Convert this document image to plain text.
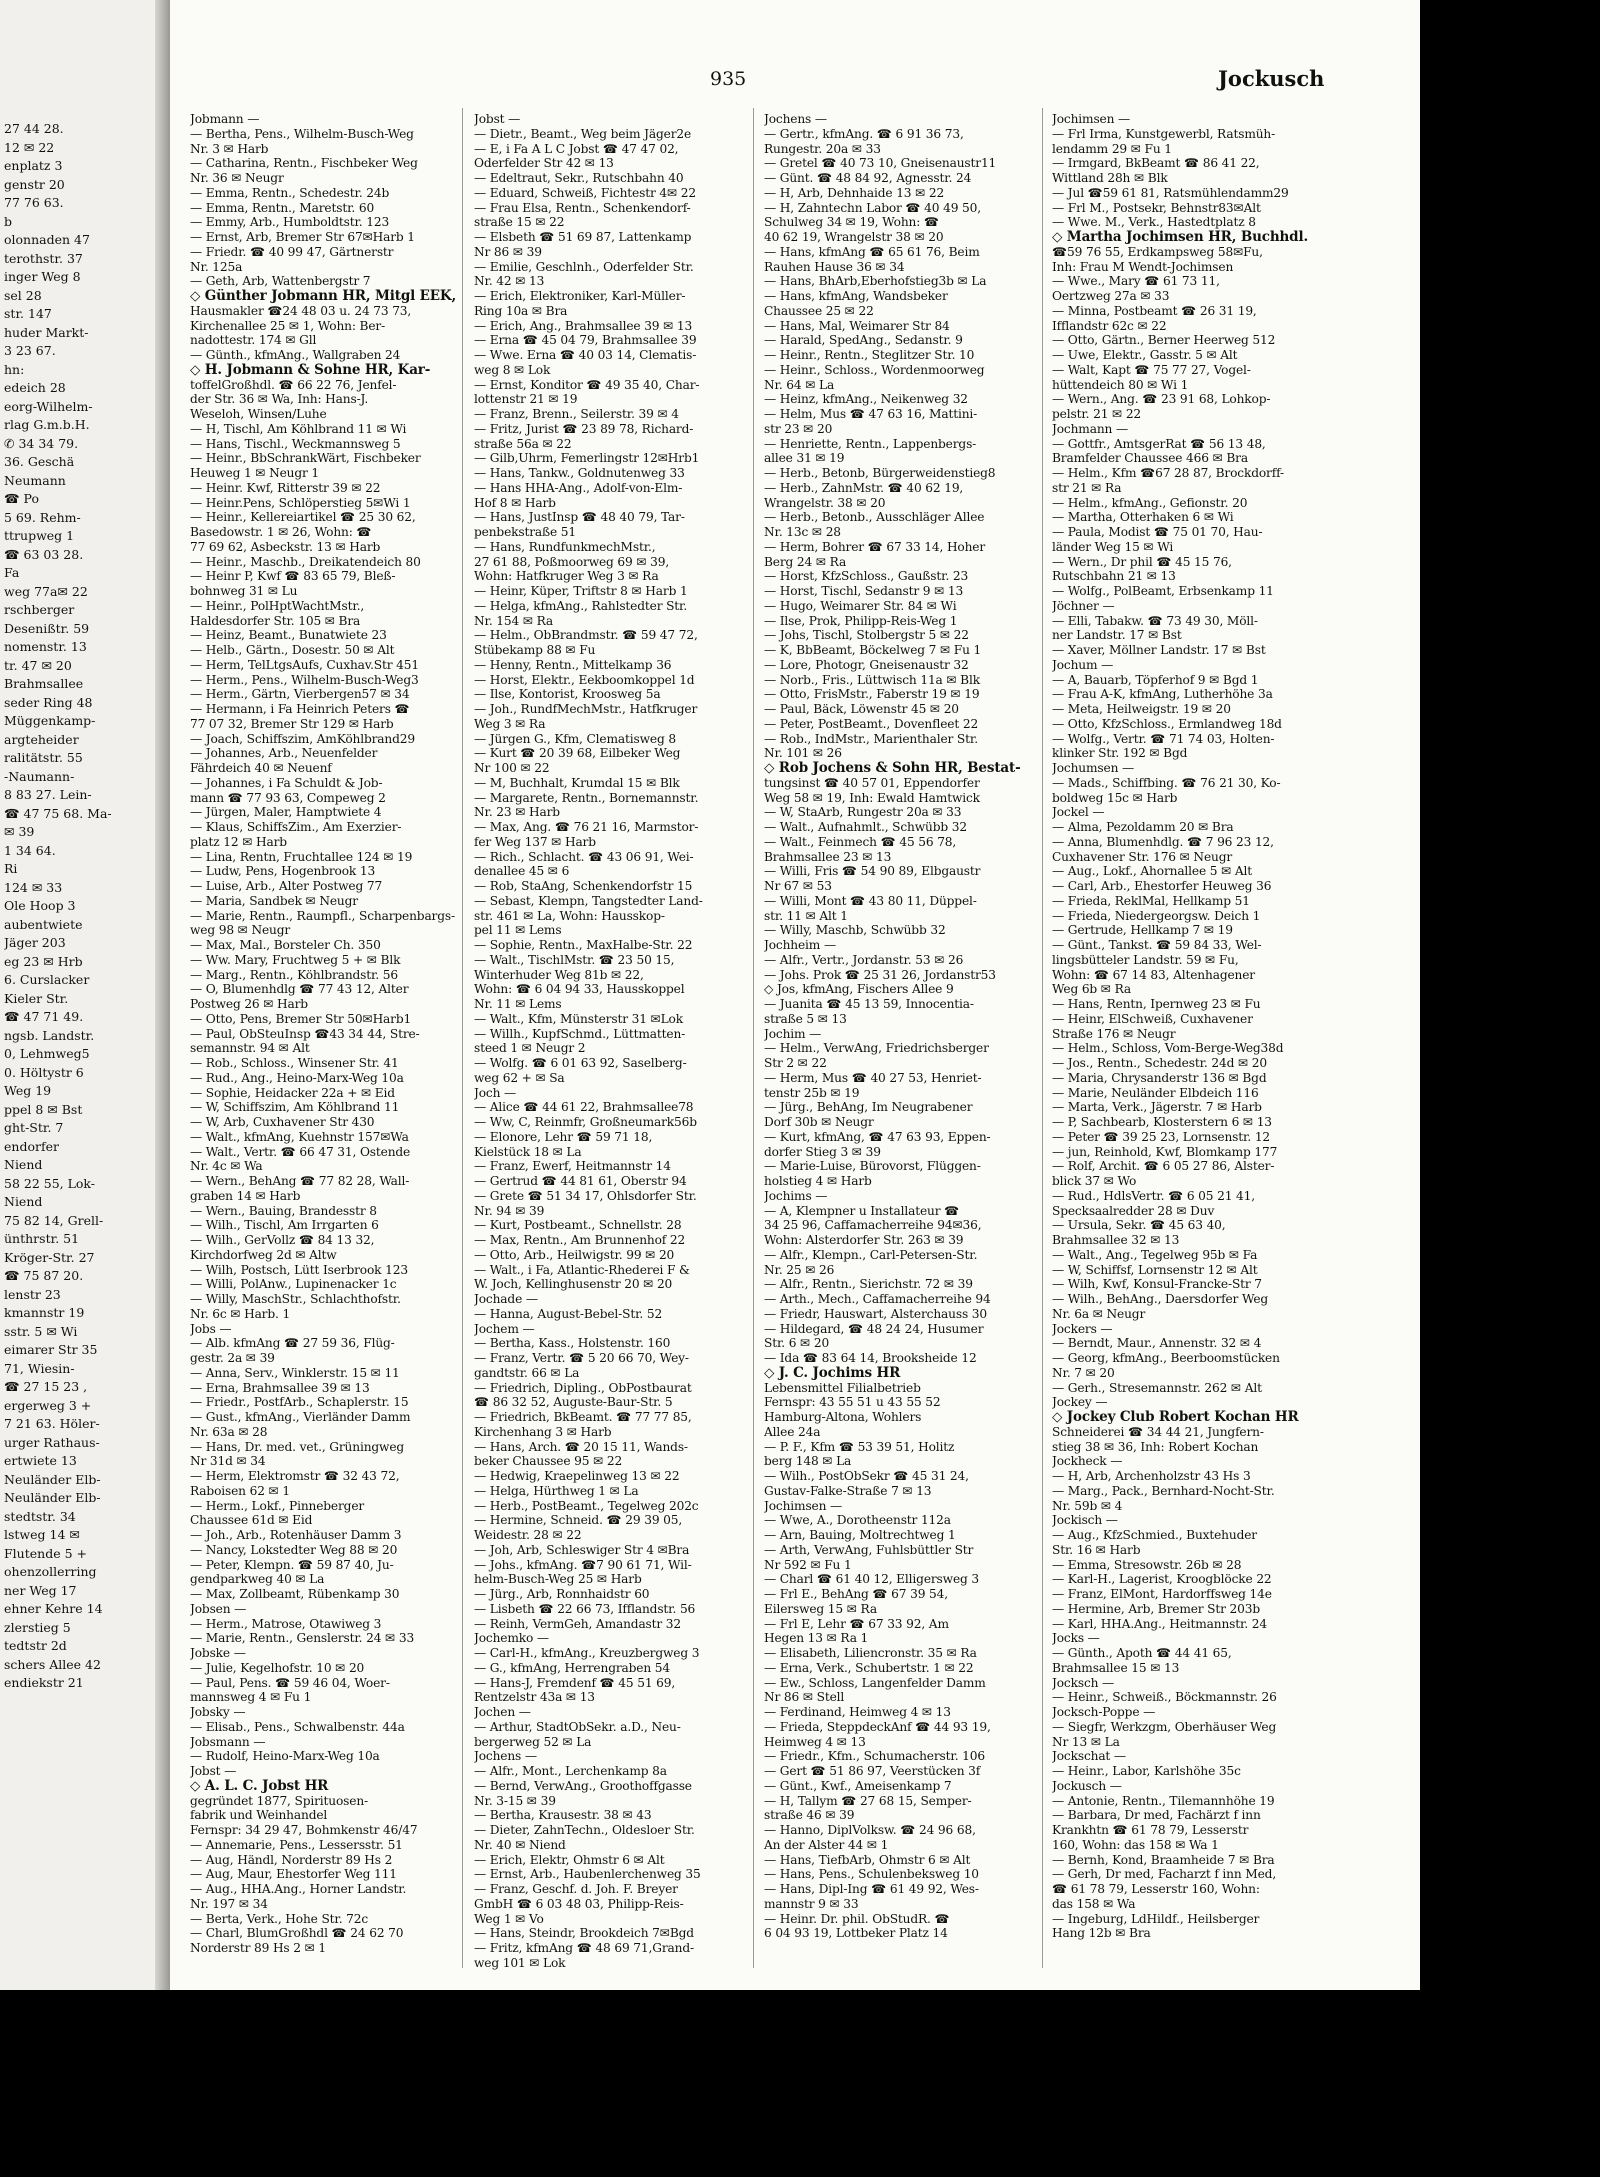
27 44 28.
12 ✉ 22
enplatz 3
genstr 20
77 76 63.
b
olonnaden 47
terothstr. 37
inger Weg 8
sel 28
str. 147
huder Markt-
3 23 67.
hn:
edeich 28
eorg-Wilhelm-
rlag G.m.b.H.
✆ 34 34 79.
36. Geschä
Neumann
☎ Po
5 69. Rehm-
ttrupweg 1
☎ 63 03 28.
Fa
weg 77a✉ 22
rschberger
Desenißtr. 59
nomenstr. 13
tr. 47 ✉ 20
Brahmsallee
seder Ring 48
Müggenkamp-
argteheider
ralitätstr. 55
-Naumann-
8 83 27. Lein-
☎ 47 75 68. Ma-
✉ 39
1 34 64.
Ri
124 ✉ 33
Ole Hoop 3
aubentwiete
Jäger 203
eg 23 ✉ Hrb
6. Curslacker
Kieler Str.
☎ 47 71 49.
ngsb. Landstr.
0, Lehmweg5
0. Höltystr 6
Weg 19
ppel 8 ✉ Bst
ght-Str. 7
endorfer
Niend
58 22 55, Lok-
Niend
75 82 14, Grell-
ünthrstr. 51
Kröger-Str. 27
☎ 75 87 20.
lenstr 23
kmannstr 19
sstr. 5 ✉ Wi
eimarer Str 35
71, Wiesin-
☎ 27 15 23 ,
ergerweg 3 +
7 21 63. Höler-
urger Rathaus-
ertwiete 13
Neuländer Elb-
Neuländer Elb-
stedtstr. 34
lstweg 14 ✉
Flutende 5 +
ohenzollerring
ner Weg 17
ehner Kehre 14
zlerstieg 5
tedtstr 2d
schers Allee 42
endiekstr 21
935	Jockusch
Jobmann —
— Bertha, Pens., Wilhelm-Busch-Weg
Nr. 3 ✉ Harb
— Catharina, Rentn., Fischbeker Weg
Nr. 36 ✉ Neugr
— Emma, Rentn., Schedestr. 24b
— Emma, Rentn., Maretstr. 60
— Emmy, Arb., Humboldtstr. 123
— Ernst, Arb, Bremer Str 67✉Harb 1
— Friedr. ☎ 40 99 47, Gärtnerstr
Nr. 125a
— Geth, Arb, Wattenbergstr 7
◇ Günther Jobmann HR, Mitgl EEK,
Hausmakler ☎24 48 03 u. 24 73 73,
Kirchenallee 25 ✉ 1, Wohn: Ber-
nadottestr. 174 ✉ Gll
— Günth., kfmAng., Wallgraben 24
◇ H. Jobmann & Sohne HR, Kar-
toffelGroßhdl. ☎ 66 22 76, Jenfel-
der Str. 36 ✉ Wa, Inh: Hans-J.
Weseloh, Winsen/Luhe
— H, Tischl, Am Köhlbrand 11 ✉ Wi
— Hans, Tischl., Weckmannsweg 5
— Heinr., BbSchrankWärt, Fischbeker
Heuweg 1 ✉ Neugr 1
— Heinr. Kwf, Ritterstr 39 ✉ 22
— Heinr.Pens, Schlöperstieg 5✉Wi 1
— Heinr., Kellereiartikel ☎ 25 30 62,
Basedowstr. 1 ✉ 26, Wohn: ☎
77 69 62, Asbeckstr. 13 ✉ Harb
— Heinr., Maschb., Dreikatendeich 80
— Heinr P, Kwf ☎ 83 65 79, Bleß-
bohnweg 31 ✉ Lu
— Heinr., PolHptWachtMstr.,
Haldesdorfer Str. 105 ✉ Bra
— Heinz, Beamt., Bunatwiete 23
— Helb., Gärtn., Dosestr. 50 ✉ Alt
— Herm, TelLtgsAufs, Cuxhav.Str 451
— Herm., Pens., Wilhelm-Busch-Weg3
— Herm., Gärtn, Vierbergen57 ✉ 34
— Hermann, i Fa Heinrich Peters ☎
77 07 32, Bremer Str 129 ✉ Harb
— Joach, Schiffszim, AmKöhlbrand29
— Johannes, Arb., Neuenfelder
Fährdeich 40 ✉ Neuenf
— Johannes, i Fa Schuldt & Job-
mann ☎ 77 93 63, Compeweg 2
— Jürgen, Maler, Hamptwiete 4
— Klaus, SchiffsZim., Am Exerzier-
platz 12 ✉ Harb
— Lina, Rentn, Fruchtallee 124 ✉ 19
— Ludw, Pens, Hogenbrook 13
— Luise, Arb., Alter Postweg 77
— Maria, Sandbek ✉ Neugr
— Marie, Rentn., Raumpfl., Scharpenbargs-
weg 98 ✉ Neugr
— Max, Mal., Borsteler Ch. 350
— Ww. Mary, Fruchtweg 5 + ✉ Blk
— Marg., Rentn., Köhlbrandstr. 56
— O, Blumenhdlg ☎ 77 43 12, Alter
Postweg 26 ✉ Harb
— Otto, Pens, Bremer Str 50✉Harb1
— Paul, ObSteuInsp ☎43 34 44, Stre-
semannstr. 94 ✉ Alt
— Rob., Schloss., Winsener Str. 41
— Rud., Ang., Heino-Marx-Weg 10a
— Sophie, Heidacker 22a + ✉ Eid
— W, Schiffszim, Am Köhlbrand 11
— W, Arb, Cuxhavener Str 430
— Walt., kfmAng, Kuehnstr 157✉Wa
— Walt., Vertr. ☎ 66 47 31, Ostende
Nr. 4c ✉ Wa
— Wern., BehAng ☎ 77 82 28, Wall-
graben 14 ✉ Harb
— Wern., Bauing, Brandesstr 8
— Wilh., Tischl, Am Irrgarten 6
— Wilh., GerVollz ☎ 84 13 32,
Kirchdorfweg 2d ✉ Altw
— Wilh, Postsch, Lütt Iserbrook 123
— Willi, PolAnw., Lupinenacker 1c
— Willy, MaschStr., Schlachthofstr.
Nr. 6c ✉ Harb. 1
Jobs —
— Alb. kfmAng ☎ 27 59 36, Flüg-
gestr. 2a ✉ 39
— Anna, Serv., Winklerstr. 15 ✉ 11
— Erna, Brahmsallee 39 ✉ 13
— Friedr., PostfArb., Schaplerstr. 15
— Gust., kfmAng., Vierländer Damm
Nr. 63a ✉ 28
— Hans, Dr. med. vet., Grüningweg
Nr 31d ✉ 34
— Herm, Elektromstr ☎ 32 43 72,
Raboisen 62 ✉ 1
— Herm., Lokf., Pinneberger
Chaussee 61d ✉ Eid
— Joh., Arb., Rotenhäuser Damm 3
— Nancy, Lokstedter Weg 88 ✉ 20
— Peter, Klempn. ☎ 59 87 40, Ju-
gendparkweg 40 ✉ La
— Max, Zollbeamt, Rübenkamp 30
Jobsen —
— Herm., Matrose, Otawiweg 3
— Marie, Rentn., Genslerstr. 24 ✉ 33
Jobske —
— Julie, Kegelhofstr. 10 ✉ 20
— Paul, Pens. ☎ 59 46 04, Woer-
mannsweg 4 ✉ Fu 1
Jobsky —
— Elisab., Pens., Schwalbenstr. 44a
Jobsmann —
— Rudolf, Heino-Marx-Weg 10a
Jobst —
◇ A. L. C. Jobst HR
gegründet 1877, Spirituosen-
fabrik und Weinhandel
Fernspr: 34 29 47, Bohmkenstr 46/47
— Annemarie, Pens., Lessersstr. 51
— Aug, Händl, Norderstr 89 Hs 2
— Aug, Maur, Ehestorfer Weg 111
— Aug., HHA.Ang., Horner Landstr.
Nr. 197 ✉ 34
— Berta, Verk., Hohe Str. 72c
— Charl, BlumGroßhdl ☎ 24 62 70
Norderstr 89 Hs 2 ✉ 1
Jobst —
— Dietr., Beamt., Weg beim Jäger2e
— E, i Fa A L C Jobst ☎ 47 47 02,
Oderfelder Str 42 ✉ 13
— Edeltraut, Sekr., Rutschbahn 40
— Eduard, Schweiß, Fichtestr 4✉ 22
— Frau Elsa, Rentn., Schenkendorf-
straße 15 ✉ 22
— Elsbeth ☎ 51 69 87, Lattenkamp
Nr 86 ✉ 39
— Emilie, Geschlnh., Oderfelder Str.
Nr. 42 ✉ 13
— Erich, Elektroniker, Karl-Müller-
Ring 10a ✉ Bra
— Erich, Ang., Brahmsallee 39 ✉ 13
— Erna ☎ 45 04 79, Brahmsallee 39
— Wwe. Erna ☎ 40 03 14, Clematis-
weg 8 ✉ Lok
— Ernst, Konditor ☎ 49 35 40, Char-
lottenstr 21 ✉ 19
— Franz, Brenn., Seilerstr. 39 ✉ 4
— Fritz, Jurist ☎ 23 89 78, Richard-
straße 56a ✉ 22
— Gilb,Uhrm, Femerlingstr 12✉Hrb1
— Hans, Tankw., Goldnutenweg 33
— Hans HHA-Ang., Adolf-von-Elm-
Hof 8 ✉ Harb
— Hans, JustInsp ☎ 48 40 79, Tar-
penbekstraße 51
— Hans, RundfunkmechMstr.,
27 61 88, Poßmoorweg 69 ✉ 39,
Wohn: Hatfkruger Weg 3 ✉ Ra
— Heinr, Küper, Triftstr 8 ✉ Harb 1
— Helga, kfmAng., Rahlstedter Str.
Nr. 154 ✉ Ra
— Helm., ObBrandmstr. ☎ 59 47 72,
Stübekamp 88 ✉ Fu
— Henny, Rentn., Mittelkamp 36
— Horst, Elektr., Eekboomkoppel 1d
— Ilse, Kontorist, Kroosweg 5a
— Joh., RundfMechMstr., Hatfkruger
Weg 3 ✉ Ra
— Jürgen G., Kfm, Clematisweg 8
— Kurt ☎ 20 39 68, Eilbeker Weg
Nr 100 ✉ 22
— M, Buchhalt, Krumdal 15 ✉ Blk
— Margarete, Rentn., Bornemannstr.
Nr. 23 ✉ Harb
— Max, Ang. ☎ 76 21 16, Marmstor-
fer Weg 137 ✉ Harb
— Rich., Schlacht. ☎ 43 06 91, Wei-
denallee 45 ✉ 6
— Rob, StaAng, Schenkendorfstr 15
— Sebast, Klempn, Tangstedter Land-
str. 461 ✉ La, Wohn: Hausskop-
pel 11 ✉ Lems
— Sophie, Rentn., MaxHalbe-Str. 22
— Walt., TischlMstr. ☎ 23 50 15,
Winterhuder Weg 81b ✉ 22,
Wohn: ☎ 6 04 94 33, Hausskoppel
Nr. 11 ✉ Lems
— Walt., Kfm, Münsterstr 31 ✉Lok
— Willh., KupfSchmd., Lüttmatten-
steed 1 ✉ Neugr 2
— Wolfg. ☎ 6 01 63 92, Saselberg-
weg 62 + ✉ Sa
Joch —
— Alice ☎ 44 61 22, Brahmsallee78
— Ww, C, Reinmfr, Großneumark56b
— Elonore, Lehr ☎ 59 71 18,
Kielstück 18 ✉ La
— Franz, Ewerf, Heitmannstr 14
— Gertrud ☎ 44 81 61, Oberstr 94
— Grete ☎ 51 34 17, Ohlsdorfer Str.
Nr. 94 ✉ 39
— Kurt, Postbeamt., Schnellstr. 28
— Max, Rentn., Am Brunnenhof 22
— Otto, Arb., Heilwigstr. 99 ✉ 20
— Walt., i Fa, Atlantic-Rhederei F &
W. Joch, Kellinghusenstr 20 ✉ 20
Jochade —
— Hanna, August-Bebel-Str. 52
Jochem —
— Bertha, Kass., Holstenstr. 160
— Franz, Vertr. ☎ 5 20 66 70, Wey-
gandtstr. 66 ✉ La
— Friedrich, Dipling., ObPostbaurat
☎ 86 32 52, Auguste-Baur-Str. 5
— Friedrich, BkBeamt. ☎ 77 77 85,
Kirchenhang 3 ✉ Harb
— Hans, Arch. ☎ 20 15 11, Wands-
beker Chaussee 95 ✉ 22
— Hedwig, Kraepelinweg 13 ✉ 22
— Helga, Hürthweg 1 ✉ La
— Herb., PostBeamt., Tegelweg 202c
— Hermine, Schneid. ☎ 29 39 05,
Weidestr. 28 ✉ 22
— Joh, Arb, Schleswiger Str 4 ✉Bra
— Johs., kfmAng. ☎7 90 61 71, Wil-
helm-Busch-Weg 25 ✉ Harb
— Jürg., Arb, Ronnhaidstr 60
— Lisbeth ☎ 22 66 73, Ifflandstr. 56
— Reinh, VermGeh, Amandastr 32
Jochemko —
— Carl-H., kfmAng., Kreuzbergweg 3
— G., kfmAng, Herrengraben 54
— Hans-J, Fremdenf ☎ 45 51 69,
Rentzelstr 43a ✉ 13
Jochen —
— Arthur, StadtObSekr. a.D., Neu-
bergerweg 52 ✉ La
Jochens —
— Alfr., Mont., Lerchenkamp 8a
— Bernd, VerwAng., Groothoffgasse
Nr. 3-15 ✉ 39
— Bertha, Krausestr. 38 ✉ 43
— Dieter, ZahnTechn., Oldesloer Str.
Nr. 40 ✉ Niend
— Erich, Elektr, Ohmstr 6 ✉ Alt
— Ernst, Arb., Haubenlerchenweg 35
— Franz, Geschf. d. Joh. F. Breyer
GmbH ☎ 6 03 48 03, Philipp-Reis-
Weg 1 ✉ Vo
— Hans, Steindr, Brookdeich 7✉Bgd
— Fritz, kfmAng ☎ 48 69 71,Grand-
weg 101 ✉ Lok
Jochens —
— Gertr., kfmAng. ☎ 6 91 36 73,
Rungestr. 20a ✉ 33
— Gretel ☎ 40 73 10, Gneisenaustr11
— Günt. ☎ 48 84 92, Agnesstr. 24
— H, Arb, Dehnhaide 13 ✉ 22
— H, Zahntechn Labor ☎ 40 49 50,
Schulweg 34 ✉ 19, Wohn: ☎
40 62 19, Wrangelstr 38 ✉ 20
— Hans, kfmAng ☎ 65 61 76, Beim
Rauhen Hause 36 ✉ 34
— Hans, BhArb,Eberhofstieg3b ✉ La
— Hans, kfmAng, Wandsbeker
Chaussee 25 ✉ 22
— Hans, Mal, Weimarer Str 84
— Harald, SpedAng., Sedanstr. 9
— Heinr., Rentn., Steglitzer Str. 10
— Heinr., Schloss., Wordenmoorweg
Nr. 64 ✉ La
— Heinz, kfmAng., Neikenweg 32
— Helm, Mus ☎ 47 63 16, Mattini-
str 23 ✉ 20
— Henriette, Rentn., Lappenbergs-
allee 31 ✉ 19
— Herb., Betonb, Bürgerweidenstieg8
— Herb., ZahnMstr. ☎ 40 62 19,
Wrangelstr. 38 ✉ 20
— Herb., Betonb., Ausschläger Allee
Nr. 13c ✉ 28
— Herm, Bohrer ☎ 67 33 14, Hoher
Berg 24 ✉ Ra
— Horst, KfzSchloss., Gaußstr. 23
— Horst, Tischl, Sedanstr 9 ✉ 13
— Hugo, Weimarer Str. 84 ✉ Wi
— Ilse, Prok, Philipp-Reis-Weg 1
— Johs, Tischl, Stolbergstr 5 ✉ 22
— K, BbBeamt, Böckelweg 7 ✉ Fu 1
— Lore, Photogr, Gneisenaustr 32
— Norb., Fris., Lüttwisch 11a ✉ Blk
— Otto, FrisMstr., Faberstr 19 ✉ 19
— Paul, Bäck, Löwenstr 45 ✉ 20
— Peter, PostBeamt., Dovenfleet 22
— Rob., IndMstr., Marienthaler Str.
Nr. 101 ✉ 26
◇ Rob Jochens & Sohn HR, Bestat-
tungsinst ☎ 40 57 01, Eppendorfer
Weg 58 ✉ 19, Inh: Ewald Hamtwick
— W, StaArb, Rungestr 20a ✉ 33
— Walt., Aufnahmlt., Schwübb 32
— Walt., Feinmech ☎ 45 56 78,
Brahmsallee 23 ✉ 13
— Willi, Fris ☎ 54 90 89, Elbgaustr
Nr 67 ✉ 53
— Willi, Mont ☎ 43 80 11, Düppel-
str. 11 ✉ Alt 1
— Willy, Maschb, Schwübb 32
Jochheim —
— Alfr., Vertr., Jordanstr. 53 ✉ 26
— Johs. Prok ☎ 25 31 26, Jordanstr53
◇ Jos, kfmAng, Fischers Allee 9
— Juanita ☎ 45 13 59, Innocentia-
straße 5 ✉ 13
Jochim —
— Helm., VerwAng, Friedrichsberger
Str 2 ✉ 22
— Herm, Mus ☎ 40 27 53, Henriet-
tenstr 25b ✉ 19
— Jürg., BehAng, Im Neugrabener
Dorf 30b ✉ Neugr
— Kurt, kfmAng, ☎ 47 63 93, Eppen-
dorfer Stieg 3 ✉ 39
— Marie-Luise, Bürovorst, Flüggen-
holstieg 4 ✉ Harb
Jochims —
— A, Klempner u Installateur ☎
34 25 96, Caffamacherreihe 94✉36,
Wohn: Alsterdorfer Str. 263 ✉ 39
— Alfr., Klempn., Carl-Petersen-Str.
Nr. 25 ✉ 26
— Alfr., Rentn., Sierichstr. 72 ✉ 39
— Arth., Mech., Caffamacherreihe 94
— Friedr, Hauswart, Alsterchauss 30
— Hildegard, ☎ 48 24 24, Husumer
Str. 6 ✉ 20
— Ida ☎ 83 64 14, Brooksheide 12
◇ J. C. Jochims HR
Lebensmittel Filialbetrieb
Fernspr: 43 55 51 u 43 55 52
Hamburg-Altona, Wohlers
Allee 24a
— P. F., Kfm ☎ 53 39 51, Holitz
berg 148 ✉ La
— Wilh., PostObSekr ☎ 45 31 24,
Gustav-Falke-Straße 7 ✉ 13
Jochimsen —
— Wwe, A., Dorotheenstr 112a
— Arn, Bauing, Moltrechtweg 1
— Arth, VerwAng, Fuhlsbüttler Str
Nr 592 ✉ Fu 1
— Charl ☎ 61 40 12, Elligersweg 3
— Frl E., BehAng ☎ 67 39 54,
Eilersweg 15 ✉ Ra
— Frl E, Lehr ☎ 67 33 92, Am
Hegen 13 ✉ Ra 1
— Elisabeth, Liliencronstr. 35 ✉ Ra
— Erna, Verk., Schubertstr. 1 ✉ 22
— Ew., Schloss, Langenfelder Damm
Nr 86 ✉ Stell
— Ferdinand, Heimweg 4 ✉ 13
— Frieda, SteppdeckAnf ☎ 44 93 19,
Heimweg 4 ✉ 13
— Friedr., Kfm., Schumacherstr. 106
— Gert ☎ 51 86 97, Veerstücken 3f
— Günt., Kwf., Ameisenkamp 7
— H, Tallym ☎ 27 68 15, Semper-
straße 46 ✉ 39
— Hanno, DiplVolksw. ☎ 24 96 68,
An der Alster 44 ✉ 1
— Hans, TiefbArb, Ohmstr 6 ✉ Alt
— Hans, Pens., Schulenbeksweg 10
— Hans, Dipl-Ing ☎ 61 49 92, Wes-
mannstr 9 ✉ 33
— Heinr. Dr. phil. ObStudR. ☎
6 04 93 19, Lottbeker Platz 14
Jochimsen —
— Frl Irma, Kunstgewerbl, Ratsmüh-
lendamm 29 ✉ Fu 1
— Irmgard, BkBeamt ☎ 86 41 22,
Wittland 28h ✉ Blk
— Jul ☎59 61 81, Ratsmühlendamm29
— Frl M., Postsekr, Behnstr83✉Alt
— Wwe. M., Verk., Hastedtplatz 8
◇ Martha Jochimsen HR, Buchhdl.
☎59 76 55, Erdkampsweg 58✉Fu,
Inh: Frau M Wendt-Jochimsen
— Wwe., Mary ☎ 61 73 11,
Oertzweg 27a ✉ 33
— Minna, Postbeamt ☎ 26 31 19,
Ifflandstr 62c ✉ 22
— Otto, Gärtn., Berner Heerweg 512
— Uwe, Elektr., Gasstr. 5 ✉ Alt
— Walt, Kapt ☎ 75 77 27, Vogel-
hüttendeich 80 ✉ Wi 1
— Wern., Ang. ☎ 23 91 68, Lohkop-
pelstr. 21 ✉ 22
Jochmann —
— Gottfr., AmtsgerRat ☎ 56 13 48,
Bramfelder Chaussee 466 ✉ Bra
— Helm., Kfm ☎67 28 87, Brockdorff-
str 21 ✉ Ra
— Helm., kfmAng., Gefionstr. 20
— Martha, Otterhaken 6 ✉ Wi
— Paula, Modist ☎ 75 01 70, Hau-
länder Weg 15 ✉ Wi
— Wern., Dr phil ☎ 45 15 76,
Rutschbahn 21 ✉ 13
— Wolfg., PolBeamt, Erbsenkamp 11
Jöchner —
— Elli, Tabakw. ☎ 73 49 30, Möll-
ner Landstr. 17 ✉ Bst
— Xaver, Möllner Landstr. 17 ✉ Bst
Jochum —
— A, Bauarb, Töpferhof 9 ✉ Bgd 1
— Frau A-K, kfmAng, Lutherhöhe 3a
— Meta, Heilweigstr. 19 ✉ 20
— Otto, KfzSchloss., Ermlandweg 18d
— Wolfg., Vertr. ☎ 71 74 03, Holten-
klinker Str. 192 ✉ Bgd
Jochumsen —
— Mads., Schiffbing. ☎ 76 21 30, Ko-
boldweg 15c ✉ Harb
Jockel —
— Alma, Pezoldamm 20 ✉ Bra
— Anna, Blumenhdlg. ☎ 7 96 23 12,
Cuxhavener Str. 176 ✉ Neugr
— Aug., Lokf., Ahornallee 5 ✉ Alt
— Carl, Arb., Ehestorfer Heuweg 36
— Frieda, ReklMal, Hellkamp 51
— Frieda, Niedergeorgsw. Deich 1
— Gertrude, Hellkamp 7 ✉ 19
— Günt., Tankst. ☎ 59 84 33, Wel-
lingsbütteler Landstr. 59 ✉ Fu,
Wohn: ☎ 67 14 83, Altenhagener
Weg 6b ✉ Ra
— Hans, Rentn, Ipernweg 23 ✉ Fu
— Heinr, ElSchweiß, Cuxhavener
Straße 176 ✉ Neugr
— Helm., Schloss, Vom-Berge-Weg38d
— Jos., Rentn., Schedestr. 24d ✉ 20
— Maria, Chrysanderstr 136 ✉ Bgd
— Marie, Neuländer Elbdeich 116
— Marta, Verk., Jägerstr. 7 ✉ Harb
— P, Sachbearb, Klosterstern 6 ✉ 13
— Peter ☎ 39 25 23, Lornsenstr. 12
— jun, Reinhold, Kwf, Blomkamp 177
— Rolf, Archit. ☎ 6 05 27 86, Alster-
blick 37 ✉ Wo
— Rud., HdlsVertr. ☎ 6 05 21 41,
Specksaalredder 28 ✉ Duv
— Ursula, Sekr. ☎ 45 63 40,
Brahmsallee 32 ✉ 13
— Walt., Ang., Tegelweg 95b ✉ Fa
— W, Schiffsf, Lornsenstr 12 ✉ Alt
— Wilh, Kwf, Konsul-Francke-Str 7
— Wilh., BehAng., Daersdorfer Weg
Nr. 6a ✉ Neugr
Jockers —
— Berndt, Maur., Annenstr. 32 ✉ 4
— Georg, kfmAng., Beerboomstücken
Nr. 7 ✉ 20
— Gerh., Stresemannstr. 262 ✉ Alt
Jockey —
◇ Jockey Club Robert Kochan HR
Schneiderei ☎ 34 44 21, Jungfern-
stieg 38 ✉ 36, Inh: Robert Kochan
Jockheck —
— H, Arb, Archenholzstr 43 Hs 3
— Marg., Pack., Bernhard-Nocht-Str.
Nr. 59b ✉ 4
Jockisch —
— Aug., KfzSchmied., Buxtehuder
Str. 16 ✉ Harb
— Emma, Stresowstr. 26b ✉ 28
— Karl-H., Lagerist, Kroogblöcke 22
— Franz, ElMont, Hardorffsweg 14e
— Hermine, Arb, Bremer Str 203b
— Karl, HHA.Ang., Heitmannstr. 24
Jocks —
— Günth., Apoth ☎ 44 41 65,
Brahmsallee 15 ✉ 13
Jocksch —
— Heinr., Schweiß., Böckmannstr. 26
Jocksch-Poppe —
— Siegfr, Werkzgm, Oberhäuser Weg
Nr 13 ✉ La
Jockschat —
— Heinr., Labor, Karlshöhe 35c
Jockusch —
— Antonie, Rentn., Tilemannhöhe 19
— Barbara, Dr med, Fachärzt f inn
Krankhtn ☎ 61 78 79, Lesserstr
160, Wohn: das 158 ✉ Wa 1
— Bernh, Kond, Braamheide 7 ✉ Bra
— Gerh, Dr med, Facharzt f inn Med,
☎ 61 78 79, Lesserstr 160, Wohn:
das 158 ✉ Wa
— Ingeburg, LdHildf., Heilsberger
Hang 12b ✉ Bra
